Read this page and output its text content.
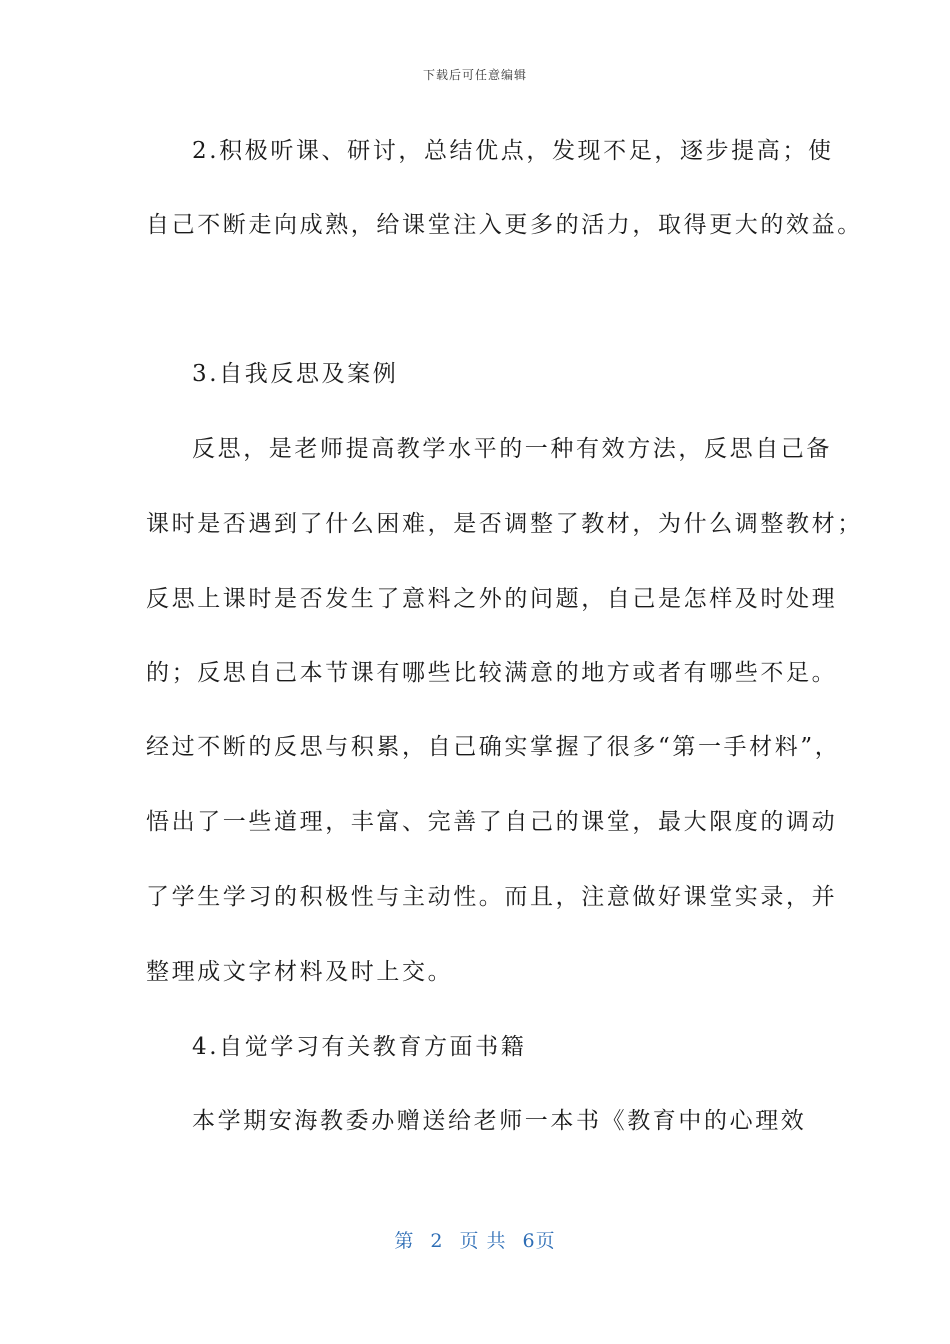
下载后可任意编辑
2.积极听课、研讨，总结优点，发现不足，逐步提高；使
自己不断走向成熟，给课堂注入更多的活力，取得更大的效益。
3.自我反思及案例
反思，是老师提高教学水平的一种有效方法，反思自己备
课时是否遇到了什么困难，是否调整了教材，为什么调整教材；
反思上课时是否发生了意料之外的问题，自己是怎样及时处理
的；反思自己本节课有哪些比较满意的地方或者有哪些不足。
经过不断的反思与积累，自己确实掌握了很多“第一手材料”，
悟出了一些道理，丰富、完善了自己的课堂，最大限度的调动
了学生学习的积极性与主动性。而且，注意做好课堂实录，并
整理成文字材料及时上交。
4.自觉学习有关教育方面书籍
本学期安海教委办赠送给老师一本书《教育中的心理效
第 2 页 共 6页
